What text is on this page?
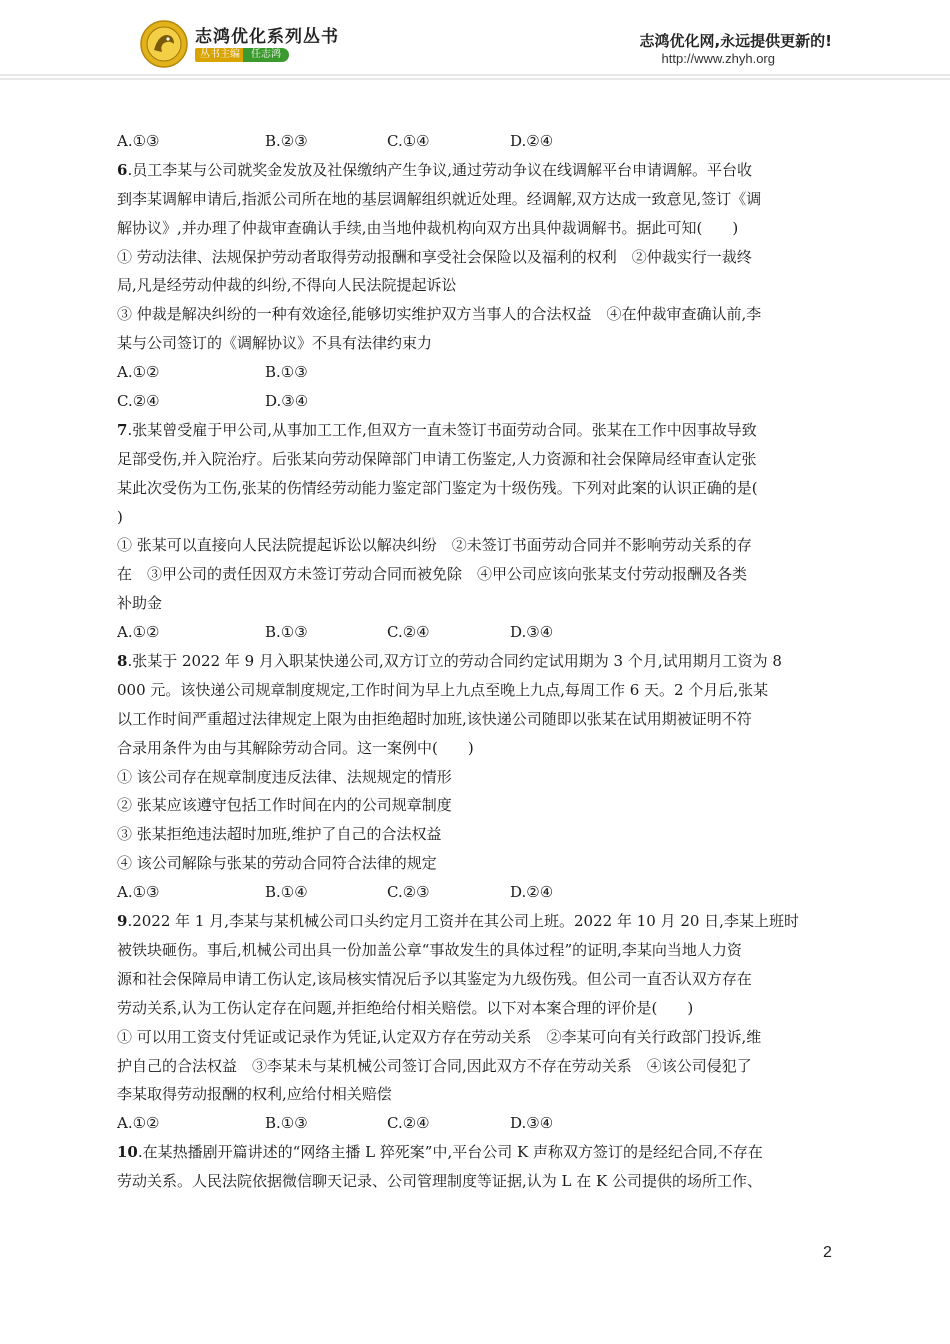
志鸿优化系列丛书
丛书主编 任志鸿
志鸿优化网,永远提供更新的!
http://www.zhyh.org
A.①③	B.②③	C.①④	D.②④
6.员工李某与公司就奖金发放及社保缴纳产生争议,通过劳动争议在线调解平台申请调解。平台收
到李某调解申请后,指派公司所在地的基层调解组织就近处理。经调解,双方达成一致意见,签订《调
解协议》,并办理了仲裁审查确认手续,由当地仲裁机构向双方出具仲裁调解书。据此可知(　　)
① 劳动法律、法规保护劳动者取得劳动报酬和享受社会保险以及福利的权利　②仲裁实行一裁终
局,凡是经劳动仲裁的纠纷,不得向人民法院提起诉讼
③ 仲裁是解决纠纷的一种有效途径,能够切实维护双方当事人的合法权益　④在仲裁审查确认前,李
某与公司签订的《调解协议》不具有法律约束力
A.①②	B.①③
C.②④	D.③④
7.张某曾受雇于甲公司,从事加工工作,但双方一直未签订书面劳动合同。张某在工作中因事故导致
足部受伤,并入院治疗。后张某向劳动保障部门申请工伤鉴定,人力资源和社会保障局经审查认定张
某此次受伤为工伤,张某的伤情经劳动能力鉴定部门鉴定为十级伤残。下列对此案的认识正确的是(
)
① 张某可以直接向人民法院提起诉讼以解决纠纷　②未签订书面劳动合同并不影响劳动关系的存
在　③甲公司的责任因双方未签订劳动合同而被免除　④甲公司应该向张某支付劳动报酬及各类
补助金
A.①②	B.①③	C.②④	D.③④
8.张某于 2022 年 9 月入职某快递公司,双方订立的劳动合同约定试用期为 3 个月,试用期月工资为 8
000 元。该快递公司规章制度规定,工作时间为早上九点至晚上九点,每周工作 6 天。2 个月后,张某
以工作时间严重超过法律规定上限为由拒绝超时加班,该快递公司随即以张某在试用期被证明不符
合录用条件为由与其解除劳动合同。这一案例中(　　)
① 该公司存在规章制度违反法律、法规规定的情形
② 张某应该遵守包括工作时间在内的公司规章制度
③ 张某拒绝违法超时加班,维护了自己的合法权益
④ 该公司解除与张某的劳动合同符合法律的规定
A.①③	B.①④	C.②③	D.②④
9.2022 年 1 月,李某与某机械公司口头约定月工资并在其公司上班。2022 年 10 月 20 日,李某上班时
被铁块砸伤。事后,机械公司出具一份加盖公章“事故发生的具体过程”的证明,李某向当地人力资
源和社会保障局申请工伤认定,该局核实情况后予以其鉴定为九级伤残。但公司一直否认双方存在
劳动关系,认为工伤认定存在问题,并拒绝给付相关赔偿。以下对本案合理的评价是(　　)
① 可以用工资支付凭证或记录作为凭证,认定双方存在劳动关系　②李某可向有关行政部门投诉,维
护自己的合法权益　③李某未与某机械公司签订合同,因此双方不存在劳动关系　④该公司侵犯了
李某取得劳动报酬的权利,应给付相关赔偿
A.①②	B.①③	C.②④	D.③④
10.在某热播剧开篇讲述的“网络主播 L 猝死案”中,平台公司 K 声称双方签订的是经纪合同,不存在
劳动关系。人民法院依据微信聊天记录、公司管理制度等证据,认为 L 在 K 公司提供的场所工作、
2
